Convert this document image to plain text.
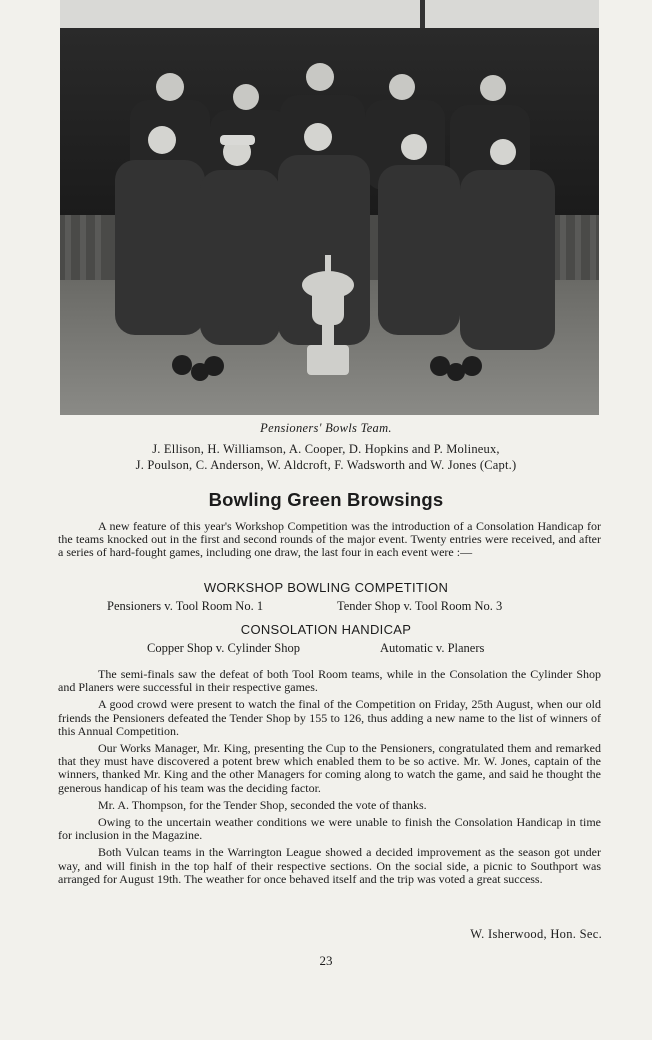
Pensioners' Bowls Team.
J. Ellison, H. Williamson, A. Cooper, D. Hopkins and P. Molineux,
J. Poulson, C. Anderson, W. Aldcroft, F. Wadsworth and W. Jones (Capt.)
Bowling Green Browsings

A new feature of this year's Workshop Competition was the introduction of a Consolation Handicap for the teams knocked out in the first and second rounds of the major event. Twenty entries were received, and after a series of hard-fought games, including one draw, the last four in each event were :—

WORKSHOP BOWLING COMPETITION
Pensioners v. Tool Room No. 1	Tender Shop v. Tool Room No. 3
CONSOLATION HANDICAP
Copper Shop v. Cylinder Shop	Automatic v. Planers

The semi-finals saw the defeat of both Tool Room teams, while in the Consolation the Cylinder Shop and Planers were successful in their respective games.

A good crowd were present to watch the final of the Competition on Friday, 25th August, when our old friends the Pensioners defeated the Tender Shop by 155 to 126, thus adding a new name to the list of winners of this Annual Competition.

Our Works Manager, Mr. King, presenting the Cup to the Pensioners, congratulated them and remarked that they must have discovered a potent brew which enabled them to be so active. Mr. W. Jones, captain of the winners, thanked Mr. King and the other Managers for coming along to watch the game, and said he thought the generous handicap of his team was the deciding factor.

Mr. A. Thompson, for the Tender Shop, seconded the vote of thanks.

Owing to the uncertain weather conditions we were unable to finish the Consolation Handicap in time for inclusion in the Magazine.

Both Vulcan teams in the Warrington League showed a decided improvement as the season got under way, and will finish in the top half of their respective sections. On the social side, a picnic to Southport was arranged for August 19th. The weather for once behaved itself and the trip was voted a great success.

W. Isherwood, Hon. Sec.
23
